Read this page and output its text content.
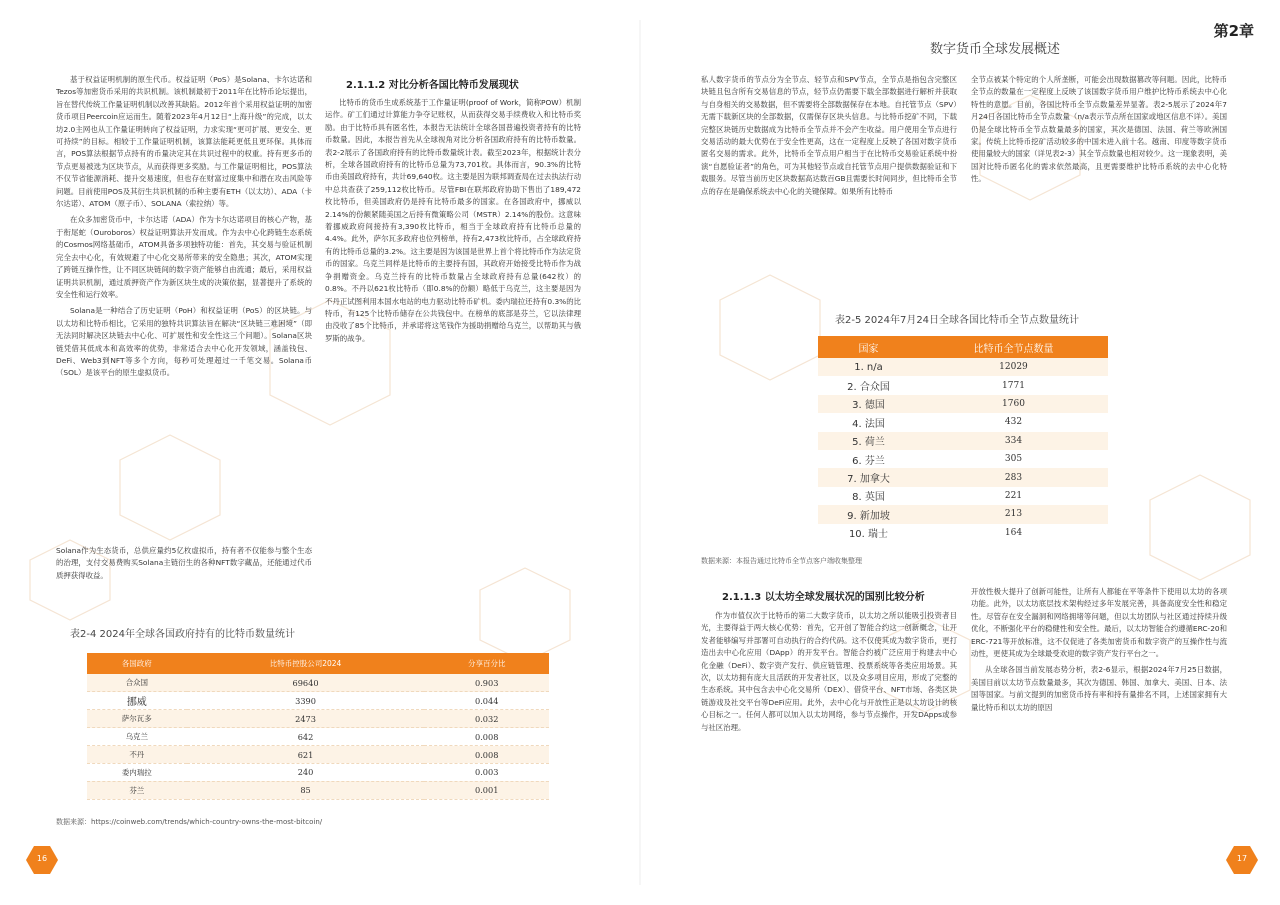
第2章
数字货币全球发展概述

基于权益证明机制的原生代币。权益证明（PoS）是Solana、卡尔达诺和Tezos等加密货币采用的共识机制。该机制最初于2011年在比特币论坛提出，旨在替代传统工作量证明机制以改善其缺陷。2012年首个采用权益证明的加密货币项目Peercoin应运而生。随着2023年4月12日“上海升级”的完成，以太坊2.0主网也从工作量证明转向了权益证明，力求实现“更可扩展、更安全、更可持续”的目标。相较于工作量证明机制，该算法能耗更低且更环保。具体而言，POS算法根据节点持有的币量决定其在共识过程中的权重。持有更多币的节点更易被选为区块节点，从而获得更多奖励。与工作量证明相比，POS算法不仅节省能源消耗、提升交易速度，但也存在财富过度集中和潜在攻击风险等问题。目前使用POS及其衍生共识机制的币种主要有ETH（以太坊）、ADA（卡尔达诺）、ATOM（原子币）、SOLANA（索拉纳）等。

在众多加密货币中，卡尔达诺（ADA）作为卡尔达诺项目的核心产物，基于衔尾蛇（Ouroboros）权益证明算法开发而成。作为去中心化跨链生态系统的Cosmos网络基础币，ATOM具备多项独特功能：首先，其交易与验证机制完全去中心化，有效规避了中心化交易所带来的安全隐患；其次，ATOM实现了跨链互操作性，让不同区块链间的数字资产能够自由流通；最后，采用权益证明共识机制，通过质押资产作为新区块生成的决策依据，显著提升了系统的安全性和运行效率。

Solana是一种结合了历史证明（PoH）和权益证明（PoS）的区块链。与以太坊和比特币相比，它采用的独特共识算法旨在解决“区块链三难困境”（即无法同时解决区块链去中心化、可扩展性和安全性这三个问题）。Solana区块链凭借其低成本和高效率的优势，非常适合去中心化开发领域，涵盖钱包、DeFi、Web3到NFT等多个方向，每秒可处理超过一千笔交易。Solana币（SOL）是该平台的原生虚拟货币。

Solana作为生态货币，总供应量约5亿枚虚拟币，持有者不仅能参与整个生态的治理，支付交易费购买Solana主链衍生的各种NFT数字藏品，还能通过代币质押获得收益。

2.1.1.2 对比分析各国比特币发展现状

比特币的货币生成系统基于工作量证明(proof of Work，简称POW）机制运作。矿工们通过计算能力争夺记账权，从而获得交易手续费收入和比特币奖励。由于比特币具有匿名性，本报告无法统计全球各国普遍投资者持有的比特币数量。因此，本报告首先从全球视角对比分析各国政府持有的比特币数量。表2-2展示了各国政府持有的比特币数量统计表。截至2023年，根据统计表分析，全球各国政府持有的比特币总量为73,701枚。具体而言，90.3%的比特币由美国政府持有，共计69,640枚。这主要是因为联邦调查局在过去执法行动中总共查获了259,112枚比特币。尽管FBI在联邦政府协助下售出了189,472枚比特币，但美国政府仍是持有比特币最多的国家。在各国政府中，挪威以2.14%的份额紧随美国之后持有微策略公司（MSTR）2.14%的股份。这意味着挪威政府间接持有3,390枚比特币，相当于全球政府持有比特币总量的4.4%。此外，萨尔瓦多政府也位列榜单，持有2,473枚比特币，占全球政府持有的比特币总量的3.2%。这主要是因为该国是世界上首个将比特币作为法定货币的国家。乌克兰同样是比特币的主要持有国，其政府开始接受比特币作为战争捐赠资金。乌克兰持有的比特币数量占全球政府持有总量(642枚）的0.8%。不丹以621枚比特币（即0.8%的份额）略低于乌克兰，这主要是因为不丹正试图利用本国水电站的电力驱动比特币矿机。委内瑞拉还持有0.3%的比特币，有125个比特币储存在公共钱包中。在榜单的底部是芬兰，它以法律理由没收了85个比特币，并承诺将这笔钱作为援助捐赠给乌克兰，以帮助其与俄罗斯的战争。

表2-4 2024年全球各国政府持有的比特币数量统计
各国政府	比特币控股公司2024	分享百分比
合众国	69640	0.903
挪威	3390	0.044
萨尔瓦多	2473	0.032
乌克兰	642	0.008
不丹	621	0.008
委内瑞拉	240	0.003
芬兰	85	0.001
数据来源：https://coinweb.com/trends/which-country-owns-the-most-bitcoin/
16

私人数字货币的节点分为全节点、轻节点和SPV节点，全节点是指包含完整区块链且包含所有交易信息的节点，轻节点仍需要下载全部数据进行解析并获取与自身相关的交易数据，但不需要将全部数据保存在本地。自托管节点（SPV）无需下载新区块的全部数据，仅需保存区块头信息。与比特币挖矿不同，下载完整区块链历史数据成为比特币全节点并不会产生收益。用户使用全节点进行交易活动的最大优势在于安全性更高，这在一定程度上反映了各国对数字货币匿名交易的需求。此外，比特币全节点用户相当于在比特币交易验证系统中扮演“自愿验证者”的角色，可为其他轻节点或自托管节点用户提供数据验证和下载服务。尽管当前历史区块数据高达数百GB且需要长时间同步，但比特币全节点的存在是确保系统去中心化的关键保障。如果所有比特币

全节点被某个特定的个人所垄断，可能会出现数据篡改等问题。因此，比特币全节点的数量在一定程度上反映了该国数字货币用户维护比特币系统去中心化特性的意愿。目前，各国比特币全节点数量差异显著。表2-5展示了2024年7月24日各国比特币全节点数量（n/a表示节点所在国家或地区信息不详）。美国仍是全球比特币全节点数量最多的国家，其次是德国、法国、荷兰等欧洲国家。传统上比特币挖矿活动较多的中国未进入前十名。越南、印度等数字货币使用量较大的国家（详见表2-3）其全节点数量也相对较少。这一现象表明，美国对比特币匿名化的需求依然最高，且更需要维护比特币系统的去中心化特性。

表2-5 2024年7月24日全球各国比特币全节点数量统计
国家	比特币全节点数量
1. n/a	12029
2. 合众国	1771
3. 德国	1760
4. 法国	432
5. 荷兰	334
6. 芬兰	305
7. 加拿大	283
8. 英国	221
9. 新加坡	213
10. 瑞士	164
数据来源：本报告通过比特币全节点客户端收集整理
2.1.1.3 以太坊全球发展状况的国别比较分析

作为市值仅次于比特币的第二大数字货币，以太坊之所以能吸引投资者目光，主要得益于两大核心优势：首先，它开创了智能合约这一创新概念，让开发者能够编写并部署可自动执行的合约代码。这不仅使其成为数字货币，更打造出去中心化应用（DApp）的开发平台。智能合约被广泛应用于构建去中心化金融（DeFi）、数字资产发行、供应链管理、投票系统等各类应用场景。其次，以太坊拥有庞大且活跃的开发者社区，以及众多项目应用，形成了完整的生态系统。其中包含去中心化交易所（DEX）、借贷平台、NFT市场、各类区块链游戏及社交平台等DeFi应用。此外，去中心化与开放性正是以太坊设计的核心目标之一。任何人都可以加入以太坊网络，参与节点操作，开发DApps或参与社区治理。

开放性极大提升了创新可能性，让所有人都能在平等条件下使用以太坊的各项功能。此外，以太坊底层技术架构经过多年发展完善，具备高度安全性和稳定性。尽管存在安全漏洞和网络拥堵等问题，但以太坊团队与社区通过持续升级优化，不断强化平台的稳健性和安全性。最后，以太坊智能合约遵循ERC-20和ERC-721等开放标准，这不仅促进了各类加密货币和数字资产的互操作性与流动性，更使其成为全球最受欢迎的数字资产发行平台之一。

从全球各国当前发展态势分析，表2-6显示，根据2024年7月25日数据，美国目前以太坊节点数量最多，其次为德国、韩国、加拿大、美国、日本、法国等国家。与前文提到的加密货币持有率和持有量排名不同，上述国家拥有大量比特币和以太坊的原因

17
